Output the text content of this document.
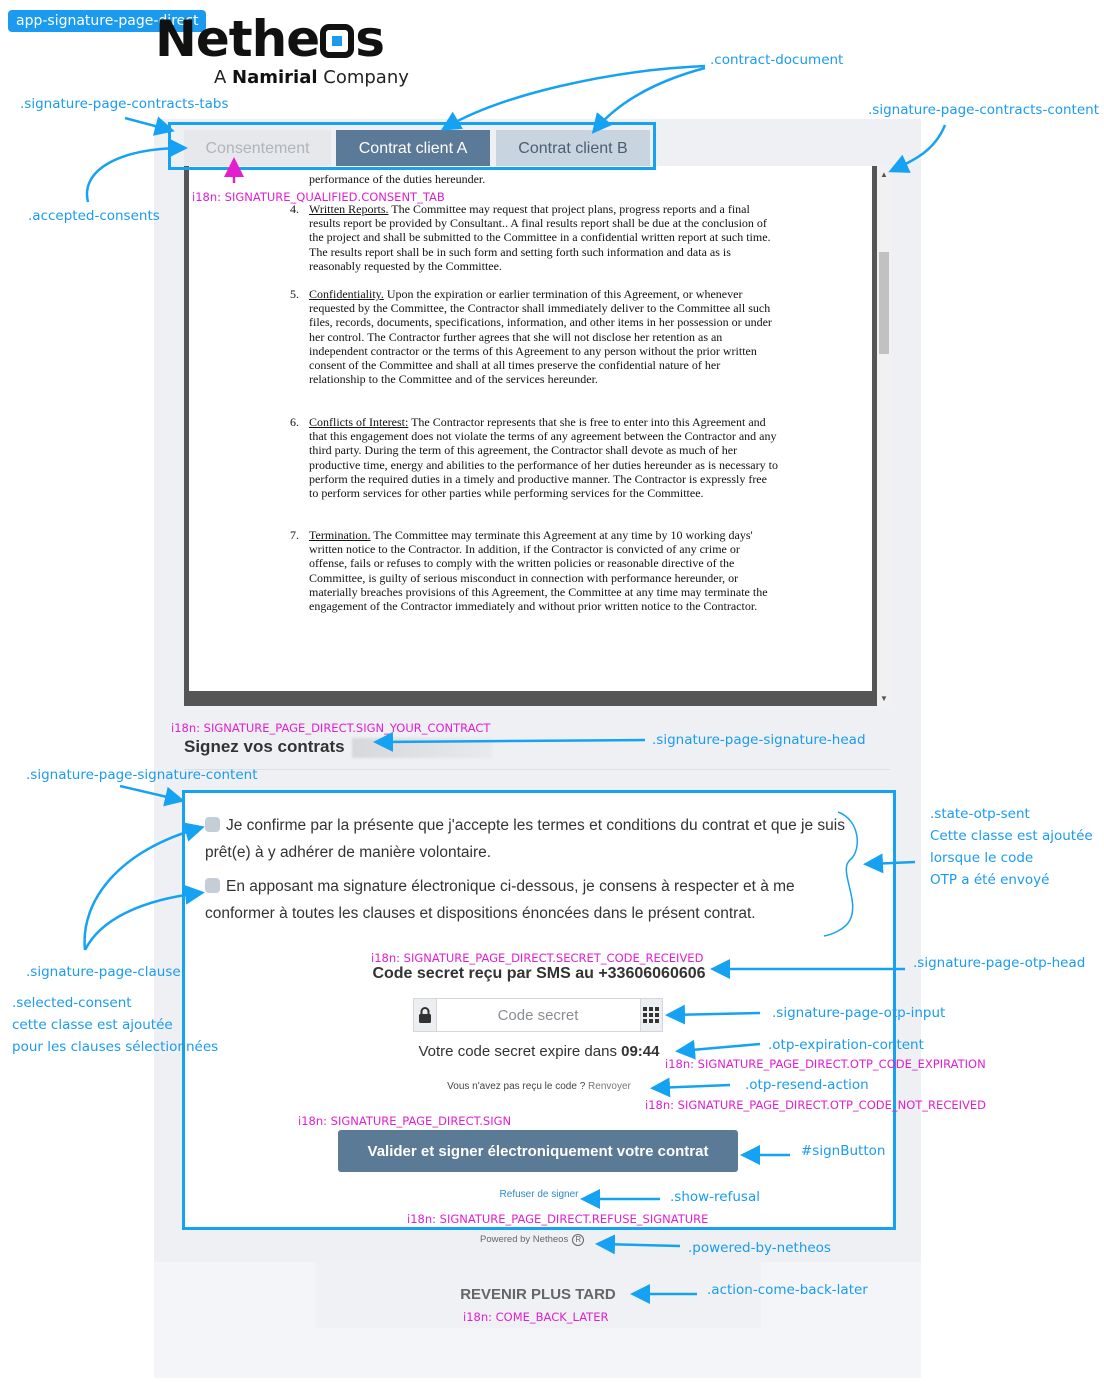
app-signature-page-direct
Nethe s
A Namirial Company
Consentement	Contrat client A	Contrat client B
performance of the duties hereunder.
4. Written Reports. The Committee may request that project plans, progress reports and a final results report be provided by Consultant.. A final results report shall be due at the conclusion of the project and shall be submitted to the Committee in a confidential written report at such time. The results report shall be in such form and setting forth such information and data as is reasonably requested by the Committee.
5. Confidentiality. Upon the expiration or earlier termination of this Agreement, or whenever requested by the Committee, the Contractor shall immediately deliver to the Committee all such files, records, documents, specifications, information, and other items in her possession or under her control. The Contractor further agrees that she will not disclose her retention as an independent contractor or the terms of this Agreement to any person without the prior written consent of the Committee and shall at all times preserve the confidential nature of her relationship to the Committee and of the services hereunder.
6. Conflicts of Interest: The Contractor represents that she is free to enter into this Agreement and that this engagement does not violate the terms of any agreement between the Contractor and any third party. During the term of this agreement, the Contractor shall devote as much of her productive time, energy and abilities to the performance of her duties hereunder as is necessary to perform the required duties in a timely and productive manner. The Contractor is expressly free to perform services for other parties while performing services for the Committee.
7. Termination. The Committee may terminate this Agreement at any time by 10 working days' written notice to the Contractor. In addition, if the Contractor is convicted of any crime or offense, fails or refuses to comply with the written policies or reasonable directive of the Committee, is guilty of serious misconduct in connection with performance hereunder, or materially breaches provisions of this Agreement, the Committee at any time may terminate the engagement of the Contractor immediately and without prior written notice to the Contractor.
▲
▼
Signez vos contrats
Je confirme par la présente que j'accepte les termes et conditions du contrat et que je suis prêt(e) à y adhérer de manière volontaire.
En apposant ma signature électronique ci-dessous, je consens à respecter et à me conformer à toutes les clauses et dispositions énoncées dans le présent contrat.
Code secret reçu par SMS au +33606060606
Code secret
Votre code secret expire dans 09:44
Vous n'avez pas reçu le code ? Renvoyer
Valider et signer électroniquement votre contrat
Refuser de signer
Powered by Netheos R
REVENIR PLUS TARD
.contract-document
.signature-page-contracts-tabs	.signature-page-contracts-content
.accepted-consents
.signature-page-signature-head
.signature-page-signature-content
.state-otp-sent
Cette classe est ajoutée
lorsque le code
OTP a été envoyé
.signature-page-clause
.selected-consent
cette classe est ajoutée
pour les clauses sélectionnées
.signature-page-otp-head
.signature-page-otp-input
.otp-expiration-content
.otp-resend-action
#signButton
.show-refusal
.powered-by-netheos
.action-come-back-later
i18n: SIGNATURE_QUALIFIED.CONSENT_TAB
i18n: SIGNATURE_PAGE_DIRECT.SIGN_YOUR_CONTRACT
i18n: SIGNATURE_PAGE_DIRECT.SECRET_CODE_RECEIVED
i18n: SIGNATURE_PAGE_DIRECT.OTP_CODE_EXPIRATION
i18n: SIGNATURE_PAGE_DIRECT.OTP_CODE_NOT_RECEIVED
i18n: SIGNATURE_PAGE_DIRECT.SIGN
i18n: SIGNATURE_PAGE_DIRECT.REFUSE_SIGNATURE
i18n: COME_BACK_LATER
